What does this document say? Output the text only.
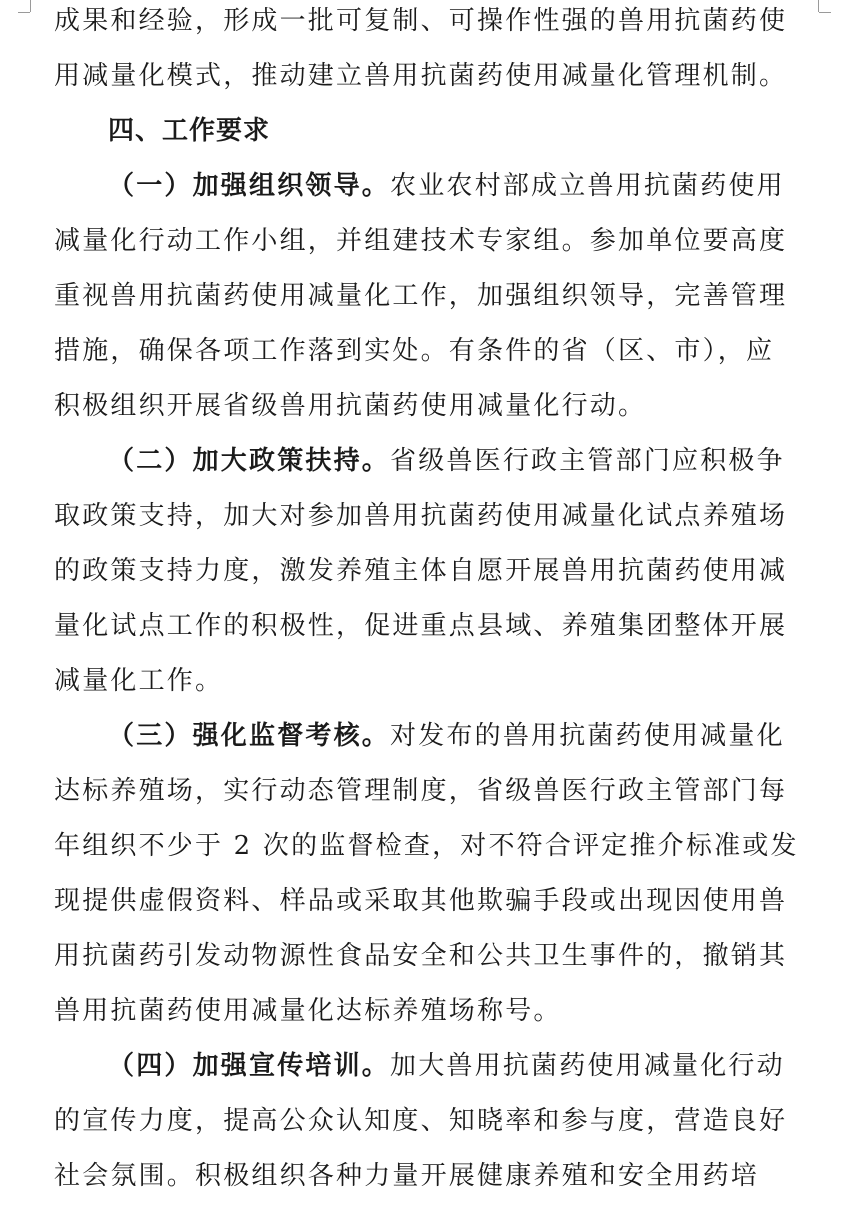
成果和经验，形成一批可复制、可操作性强的兽用抗菌药使
用减量化模式，推动建立兽用抗菌药使用减量化管理机制。
四、工作要求
（一）加强组织领导。农业农村部成立兽用抗菌药使用
减量化行动工作小组，并组建技术专家组。参加单位要高度
重视兽用抗菌药使用减量化工作，加强组织领导，完善管理
措施，确保各项工作落到实处。有条件的省（区、市），应
积极组织开展省级兽用抗菌药使用减量化行动。
（二）加大政策扶持。省级兽医行政主管部门应积极争
取政策支持，加大对参加兽用抗菌药使用减量化试点养殖场
的政策支持力度，激发养殖主体自愿开展兽用抗菌药使用减
量化试点工作的积极性，促进重点县域、养殖集团整体开展
减量化工作。
（三）强化监督考核。对发布的兽用抗菌药使用减量化
达标养殖场，实行动态管理制度，省级兽医行政主管部门每
年组织不少于 2 次的监督检查，对不符合评定推介标准或发
现提供虚假资料、样品或采取其他欺骗手段或出现因使用兽
用抗菌药引发动物源性食品安全和公共卫生事件的，撤销其
兽用抗菌药使用减量化达标养殖场称号。
（四）加强宣传培训。加大兽用抗菌药使用减量化行动
的宣传力度，提高公众认知度、知晓率和参与度，营造良好
社会氛围。积极组织各种力量开展健康养殖和安全用药培
